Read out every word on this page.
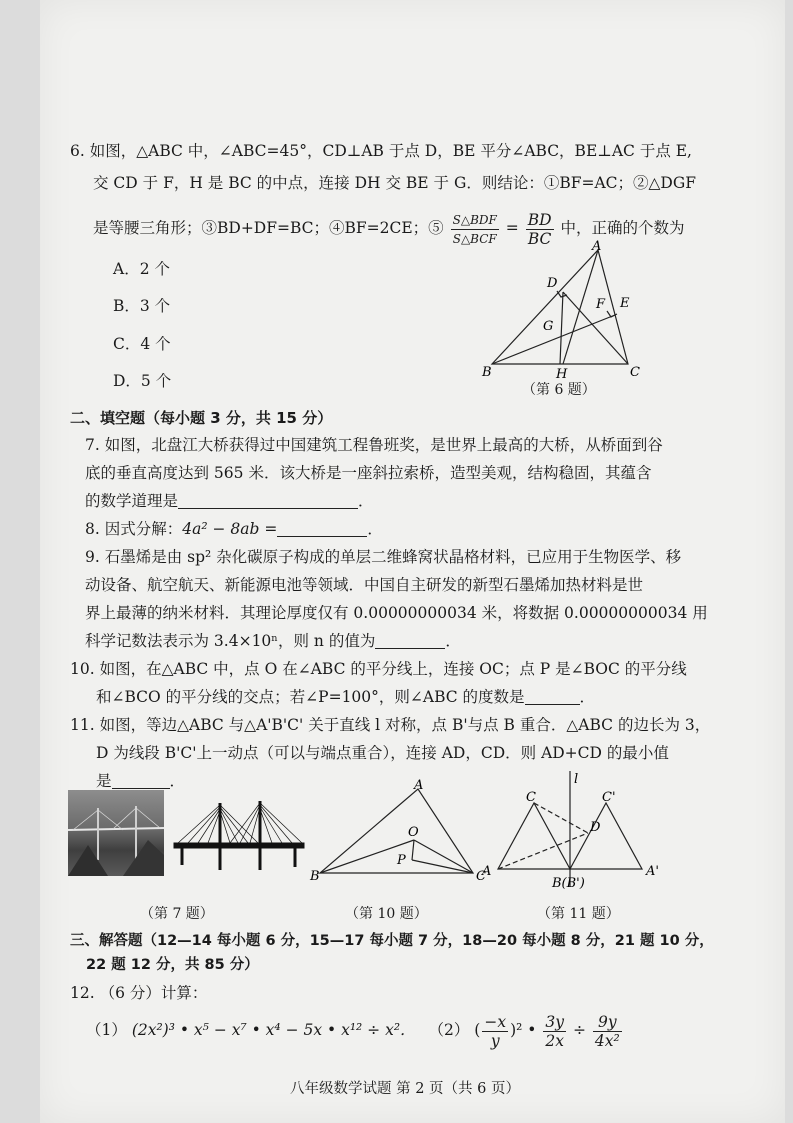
6. 如图，△ABC 中，∠ABC=45°，CD⊥AB 于点 D，BE 平分∠ABC，BE⊥AC 于点 E,
交 CD 于 F，H 是 BC 的中点，连接 DH 交 BE 于 G．则结论：①BF=AC；②△DGF
是等腰三角形；③BD+DF=BC；④BF=2CE；⑤ $\frac{\text{S△BDF}}{\text{S△BCF}} = \frac{BD}{BC}$ 中，正确的个数为
A．2 个
B．3 个
C．4 个
D．5 个
A
B	C
D
E
F
G
H
（第 6 题）
二、填空题（每小题 3 分，共 15 分）
7. 如图，北盘江大桥获得过中国建筑工程鲁班奖，是世界上最高的大桥，从桥面到谷
底的垂直高度达到 565 米．该大桥是一座斜拉索桥，造型美观，结构稳固，其蕴含
的数学道理是	．
8. 因式分解：4a² − 8ab =	．
9. 石墨烯是由 sp² 杂化碳原子构成的单层二维蜂窝状晶格材料，已应用于生物医学、移
动设备、航空航天、新能源电池等领域．中国自主研发的新型石墨烯加热材料是世
界上最薄的纳米材料．其理论厚度仅有 0.00000000034 米，将数据 0.00000000034 用
科学记数法表示为 3.4×10ⁿ，则 n 的值为	．
10. 如图，在△ABC 中，点 O 在∠ABC 的平分线上，连接 OC；点 P 是∠BOC 的平分线
和∠BCO 的平分线的交点；若∠P=100°，则∠ABC 的度数是	．
11. 如图，等边△ABC 与△A'B'C' 关于直线 l 对称，点 B'与点 B 重合．△ABC 的边长为 3，
D 为线段 B'C'上一动点（可以与端点重合），连接 AD，CD．则 AD+CD 的最小值
是	．
（第 7 题）
A
B	C
O
P
（第 10 题）
l
C	C'
D
A	A'
B(B')
（第 11 题）
三、解答题（12—14 每小题 6 分，15—17 每小题 7 分，18—20 每小题 8 分，21 题 10 分，
22 题 12 分，共 85 分）
12. （6 分）计算：
（1） (2x²)³ • x⁵ − x⁷ • x⁴ − 5x • x¹² ÷ x²． （2） ( $\frac{-x}{y} )^2$ • $\frac{3y}{2x} \div \frac{9y}{\text{4x²}}$
八年级数学试题 第 2 页（共 6 页）
